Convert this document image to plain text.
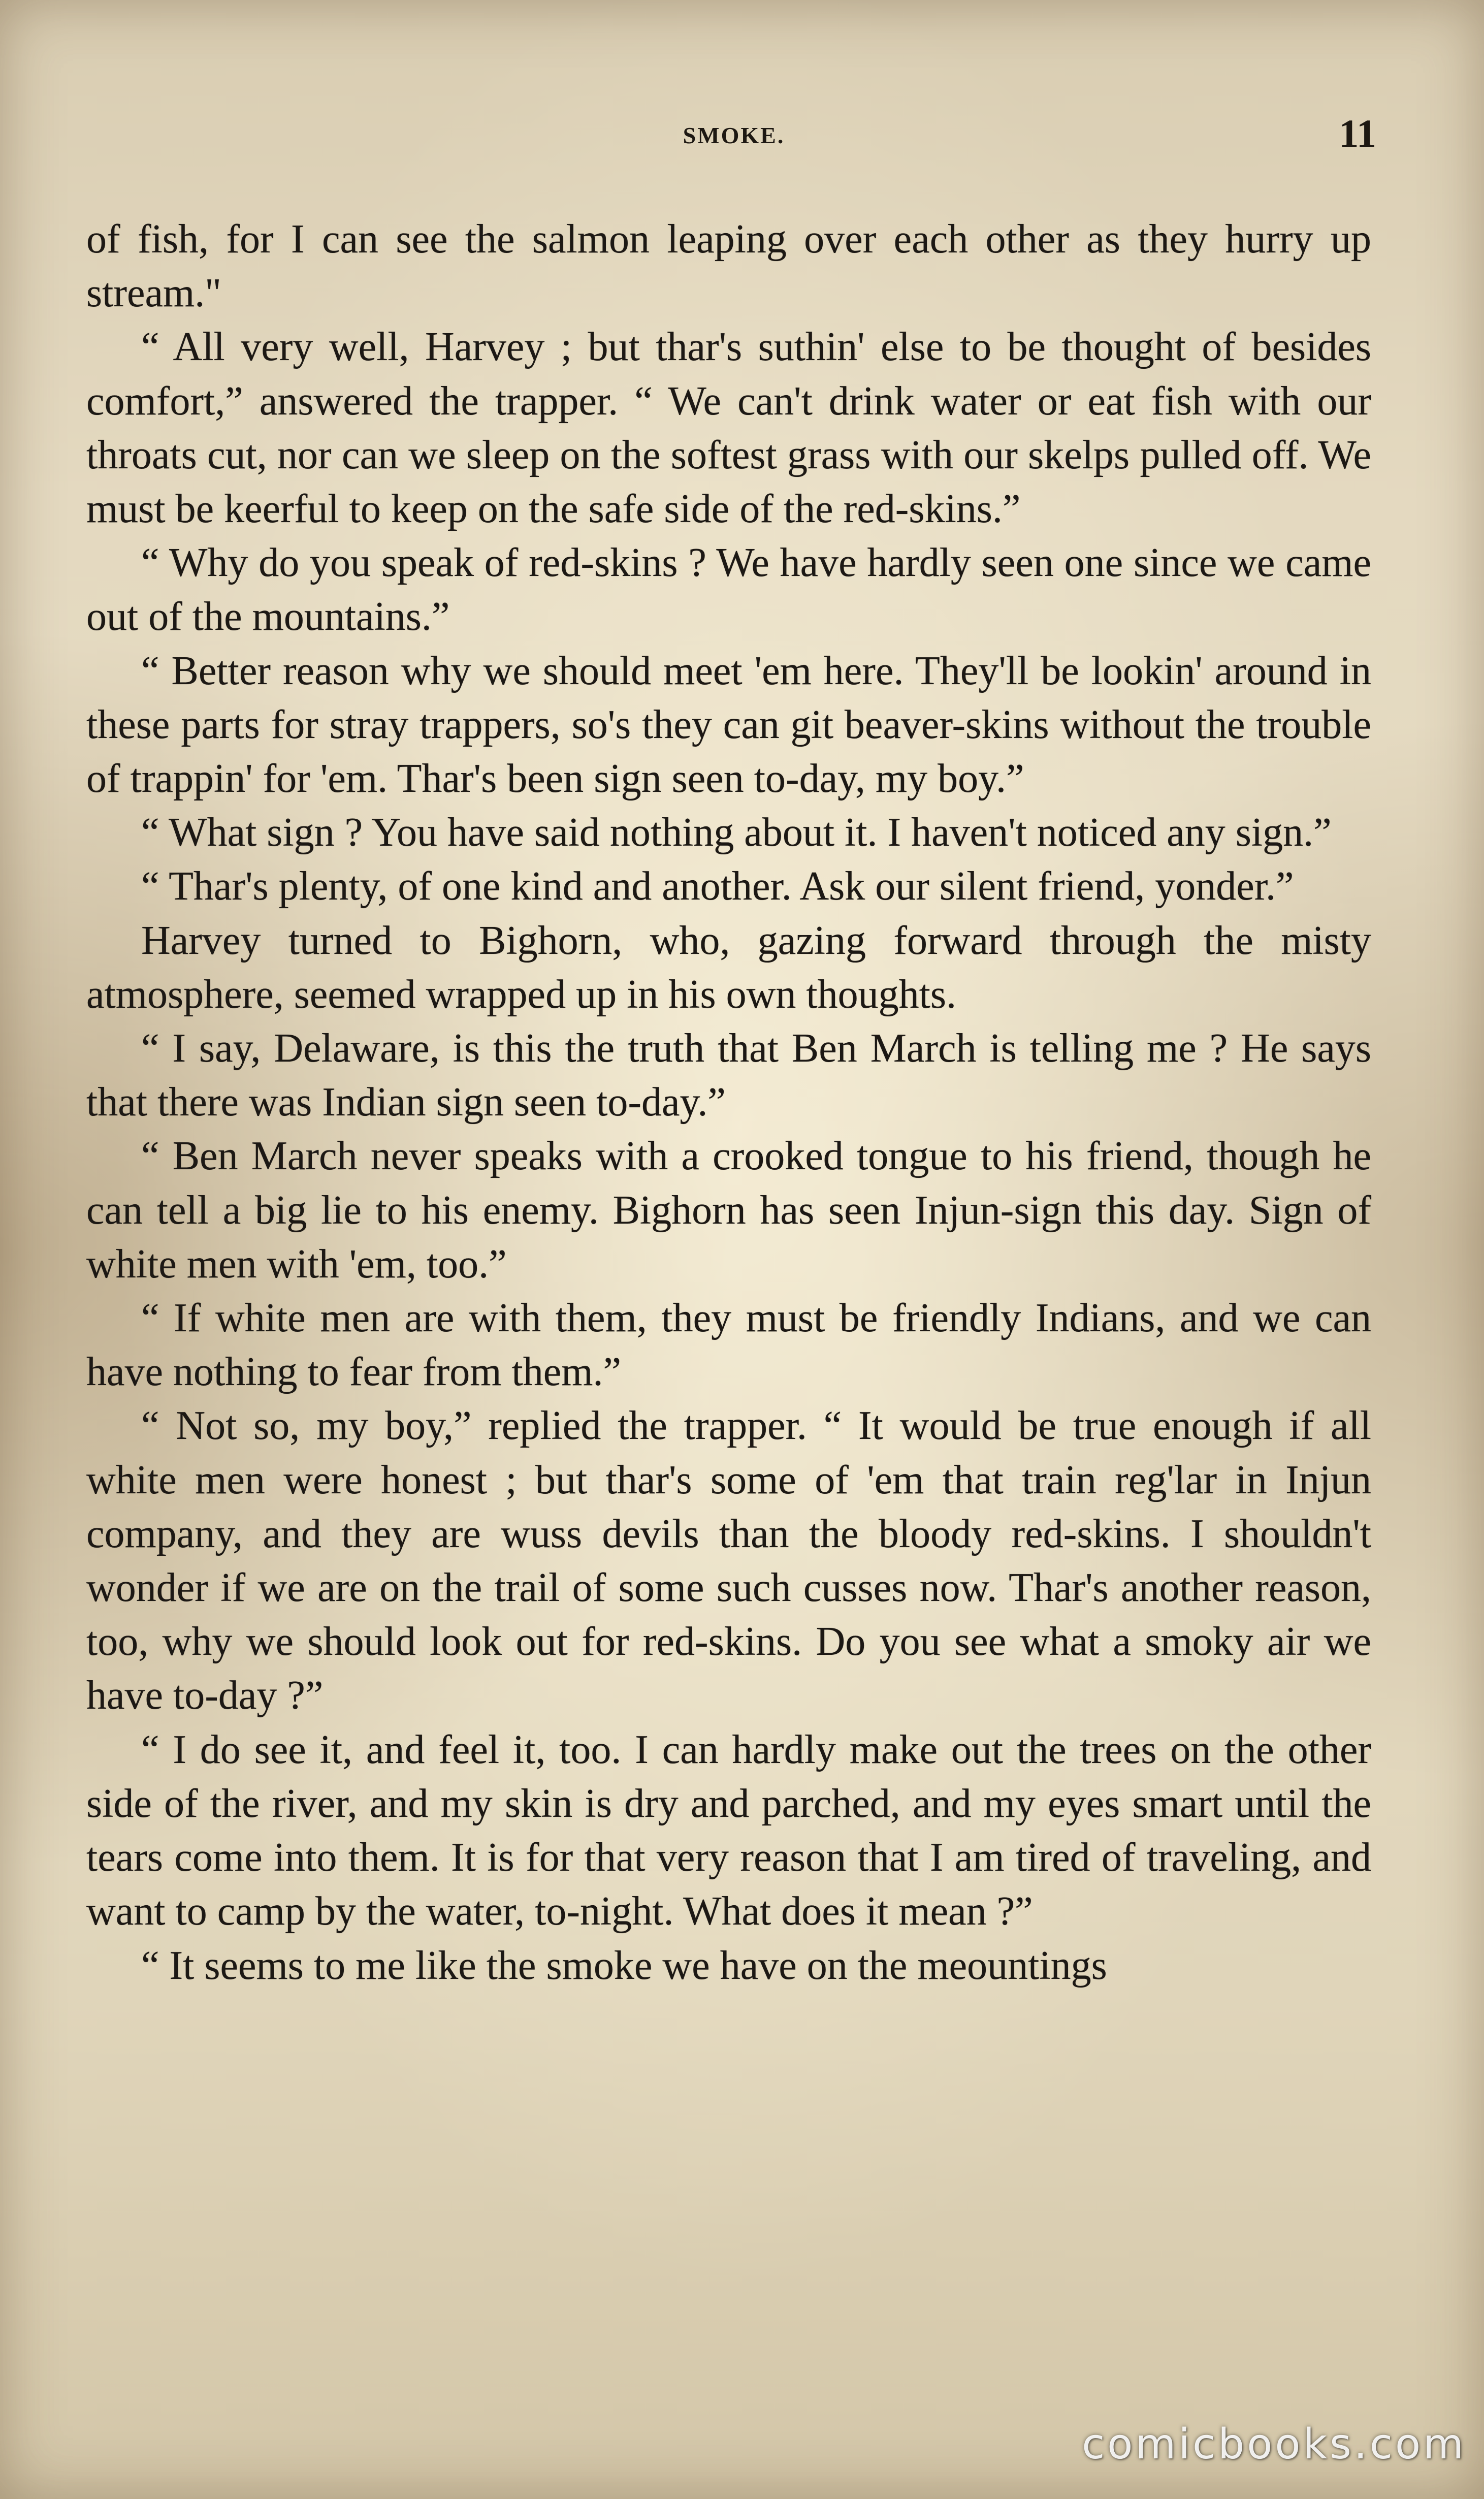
SMOKE.	11

of fish, for I can see the salmon leaping over each other as they hurry up stream."

“ All very well, Harvey ; but thar's suthin' else to be thought of besides comfort,” answered the trapper. “ We can't drink water or eat fish with our throats cut, nor can we sleep on the softest grass with our skelps pulled off. We must be keerful to keep on the safe side of the red-skins.”

“ Why do you speak of red-skins ? We have hardly seen one since we came out of the mountains.”

“ Better reason why we should meet 'em here. They'll be lookin' around in these parts for stray trappers, so's they can git beaver-skins without the trouble of trappin' for 'em. Thar's been sign seen to-day, my boy.”

“ What sign ? You have said nothing about it. I haven't noticed any sign.”

“ Thar's plenty, of one kind and another. Ask our silent friend, yonder.”

Harvey turned to Bighorn, who, gazing forward through the misty atmosphere, seemed wrapped up in his own thoughts.

“ I say, Delaware, is this the truth that Ben March is telling me ? He says that there was Indian sign seen to-day.”

“ Ben March never speaks with a crooked tongue to his friend, though he can tell a big lie to his enemy. Bighorn has seen Injun-sign this day. Sign of white men with 'em, too.”

“ If white men are with them, they must be friendly Indians, and we can have nothing to fear from them.”

“ Not so, my boy,” replied the trapper. “ It would be true enough if all white men were honest ; but thar's some of 'em that train reg'lar in Injun company, and they are wuss devils than the bloody red-skins. I shouldn't wonder if we are on the trail of some such cusses now. Thar's another reason, too, why we should look out for red-skins. Do you see what a smoky air we have to-day ?”

“ I do see it, and feel it, too. I can hardly make out the trees on the other side of the river, and my skin is dry and parched, and my eyes smart until the tears come into them. It is for that very reason that I am tired of traveling, and want to camp by the water, to-night. What does it mean ?”

“ It seems to me like the smoke we have on the meountings

comicbooks.com
